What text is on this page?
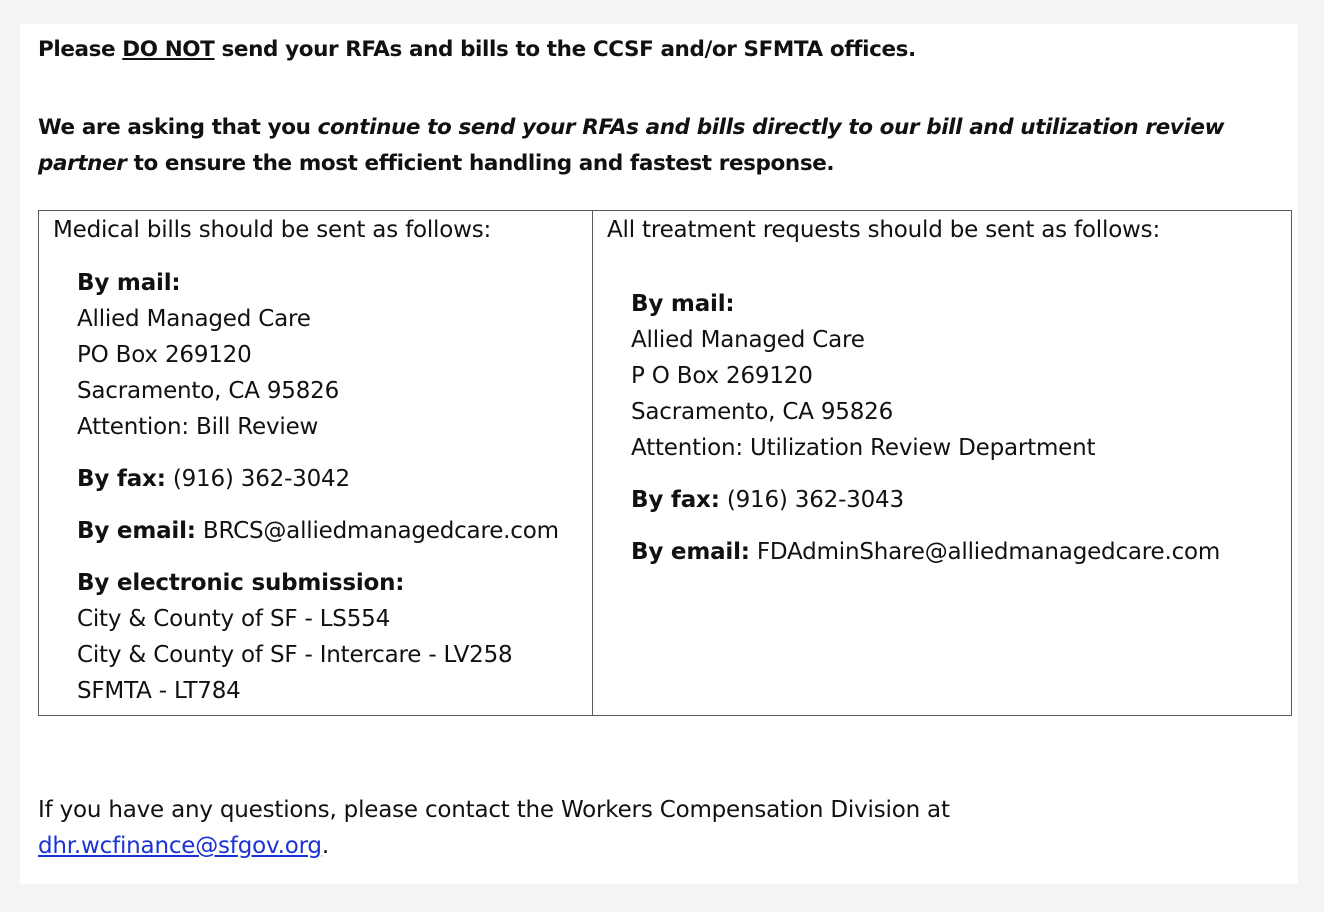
Please DO NOT send your RFAs and bills to the CCSF and/or SFMTA offices.

We are asking that you continue to send your RFAs and bills directly to our bill and utilization review partner to ensure the most efficient handling and fastest response.

Medical bills should be sent as follows:
By mail:
Allied Managed Care
PO Box 269120
Sacramento, CA 95826
Attention: Bill Review
By fax: (916) 362-3042
By email: BRCS@alliedmanagedcare.com
By electronic submission:
City & County of SF - LS554
City & County of SF - Intercare - LV258
SFMTA - LT784
All treatment requests should be sent as follows:
By mail:
Allied Managed Care
P O Box 269120
Sacramento, CA 95826
Attention: Utilization Review Department
By fax: (916) 362-3043
By email: FDAdminShare@alliedmanagedcare.com

If you have any questions, please contact the Workers Compensation Division at
dhr.wcfinance@sfgov.org.
